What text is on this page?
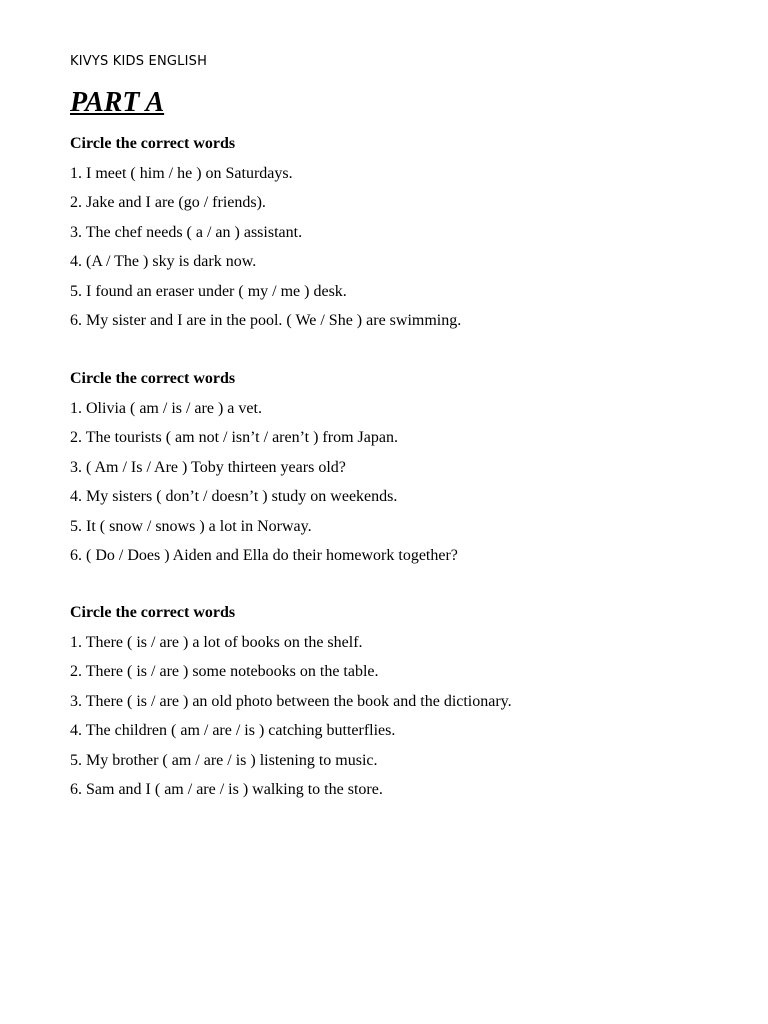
KIVYS KIDS ENGLISH
PART A
Circle the correct words
1. I meet ( him / he ) on Saturdays.
2. Jake and I are (go / friends).
3. The chef needs ( a / an ) assistant.
4. (A / The ) sky is dark now.
5. I found an eraser under ( my / me ) desk.
6. My sister and I are in the pool. ( We / She ) are swimming.
Circle the correct words
1. Olivia ( am / is / are ) a vet.
2. The tourists ( am not / isn’t / aren’t ) from Japan.
3. ( Am / Is / Are ) Toby thirteen years old?
4. My sisters ( don’t / doesn’t ) study on weekends.
5. It ( snow / snows ) a lot in Norway.
6. ( Do / Does ) Aiden and Ella do their homework together?
Circle the correct words
1. There ( is / are ) a lot of books on the shelf.
2. There ( is / are ) some notebooks on the table.
3. There ( is / are ) an old photo between the book and the dictionary.
4. The children ( am / are / is ) catching butterflies.
5. My brother ( am / are / is ) listening to music.
6. Sam and I ( am / are / is ) walking to the store.
